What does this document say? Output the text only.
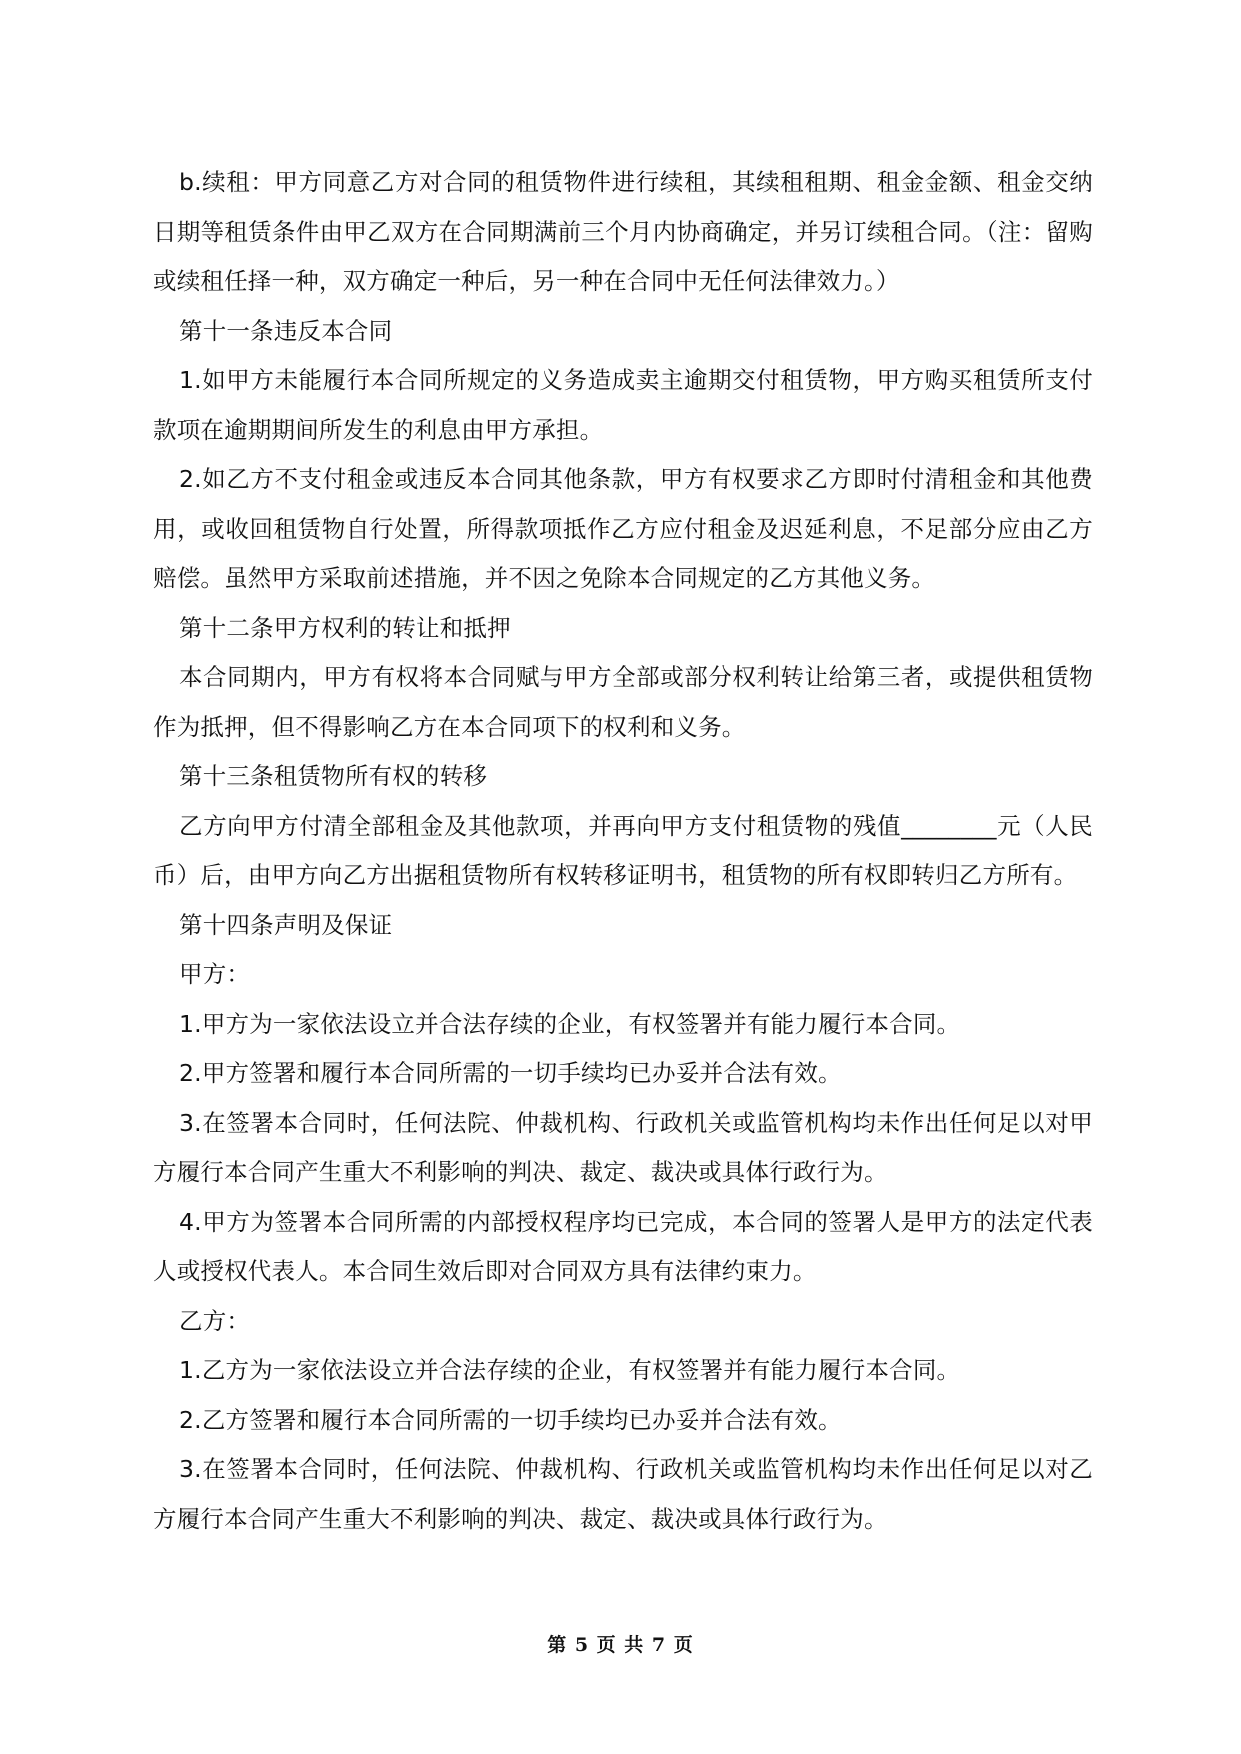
b.续租：甲方同意乙方对合同的租赁物件进行续租，其续租租期、租金金额、租金交纳日期等租赁条件由甲乙双方在合同期满前三个月内协商确定，并另订续租合同。（注：留购或续租任择一种，双方确定一种后，另一种在合同中无任何法律效力。）

第十一条违反本合同

1.如甲方未能履行本合同所规定的义务造成卖主逾期交付租赁物，甲方购买租赁所支付款项在逾期期间所发生的利息由甲方承担。

2.如乙方不支付租金或违反本合同其他条款，甲方有权要求乙方即时付清租金和其他费用，或收回租赁物自行处置，所得款项抵作乙方应付租金及迟延利息，不足部分应由乙方赔偿。虽然甲方采取前述措施，并不因之免除本合同规定的乙方其他义务。

第十二条甲方权利的转让和抵押

本合同期内，甲方有权将本合同赋与甲方全部或部分权利转让给第三者，或提供租赁物作为抵押，但不得影响乙方在本合同项下的权利和义务。

第十三条租赁物所有权的转移

乙方向甲方付清全部租金及其他款项，并再向甲方支付租赁物的残值________元（人民币）后，由甲方向乙方出据租赁物所有权转移证明书，租赁物的所有权即转归乙方所有。

第十四条声明及保证

甲方：

1.甲方为一家依法设立并合法存续的企业，有权签署并有能力履行本合同。

2.甲方签署和履行本合同所需的一切手续均已办妥并合法有效。

3.在签署本合同时，任何法院、仲裁机构、行政机关或监管机构均未作出任何足以对甲方履行本合同产生重大不利影响的判决、裁定、裁决或具体行政行为。

4.甲方为签署本合同所需的内部授权程序均已完成，本合同的签署人是甲方的法定代表人或授权代表人。本合同生效后即对合同双方具有法律约束力。

乙方：

1.乙方为一家依法设立并合法存续的企业，有权签署并有能力履行本合同。

2.乙方签署和履行本合同所需的一切手续均已办妥并合法有效。

3.在签署本合同时，任何法院、仲裁机构、行政机关或监管机构均未作出任何足以对乙方履行本合同产生重大不利影响的判决、裁定、裁决或具体行政行为。

第 5 页 共 7 页
